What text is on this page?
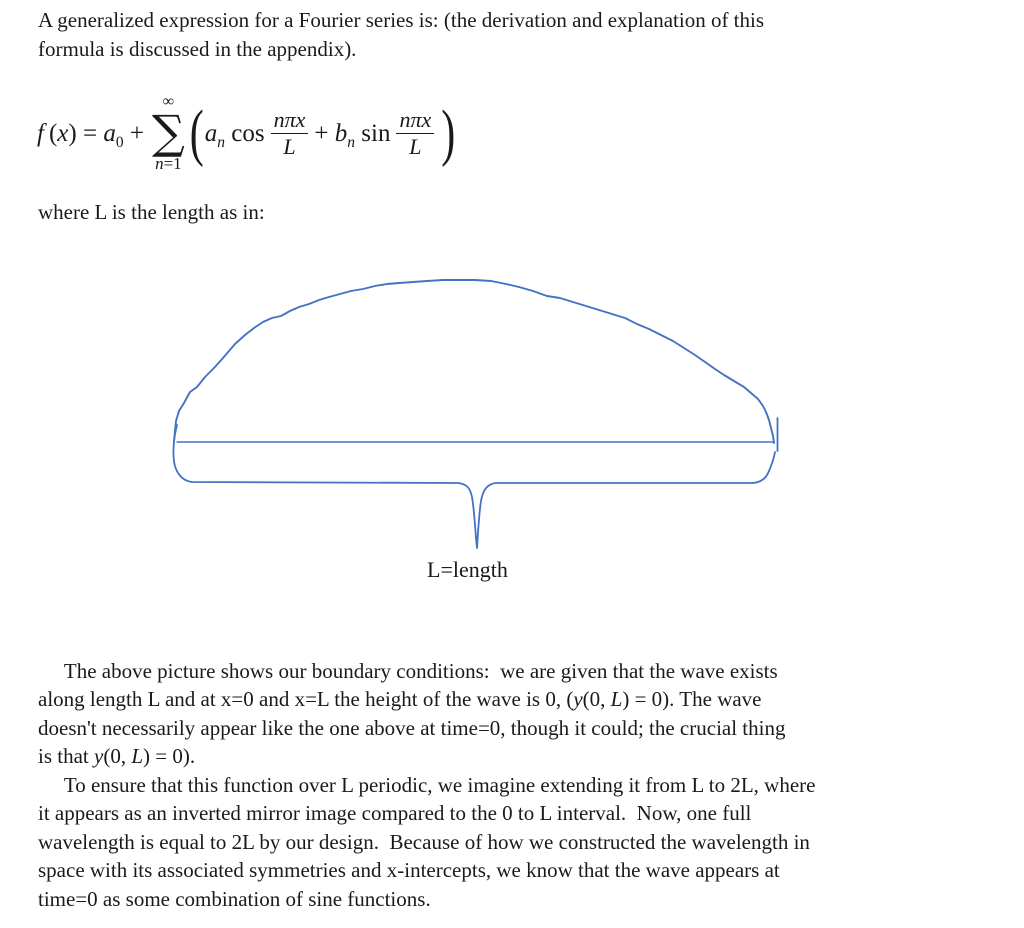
A generalized expression for a Fourier series is: (the derivation and explanation of this
formula is discussed in the appendix).
f $(x) = a_0$ +
∞
∑
n=1 ( $a_n$ $\cos \frac{\text{nπx}}{L} + b_n$ $\sin \frac{\text{nπx}}{L}$ )
where L is the length as in:
L=length
The above picture shows our boundary conditions:  we are given that the wave exists
along length L and at x=0 and x=L the height of the wave is 0, (y(0, L) = 0). The wave
doesn't necessarily appear like the one above at time=0, though it could; the crucial thing
is that y(0, L) = 0).
To ensure that this function over L periodic, we imagine extending it from L to 2L, where
it appears as an inverted mirror image compared to the 0 to L interval.  Now, one full
wavelength is equal to 2L by our design.  Because of how we constructed the wavelength in
space with its associated symmetries and x-intercepts, we know that the wave appears at
time=0 as some combination of sine functions.
